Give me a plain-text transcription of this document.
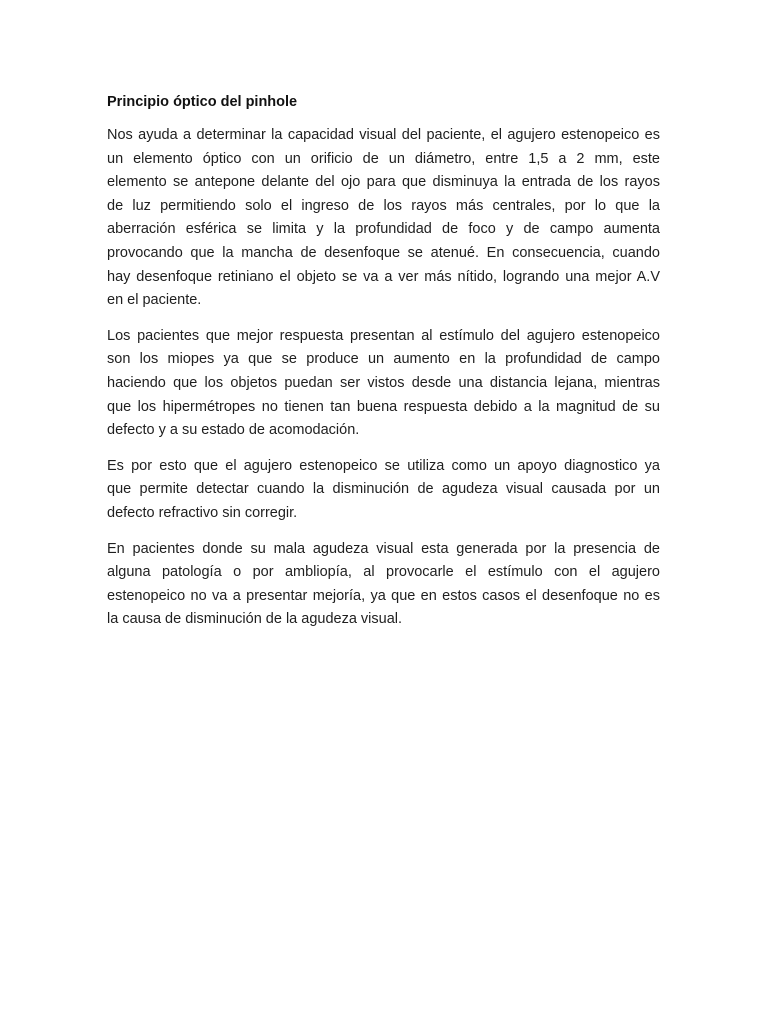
Principio óptico del pinhole
Nos ayuda a determinar la capacidad visual del paciente, el agujero estenopeico es
un elemento óptico con un orificio de un diámetro, entre 1,5 a 2 mm, este
elemento se antepone delante del ojo para que disminuya la entrada de los rayos
de luz permitiendo solo el ingreso de los rayos más centrales, por lo que la
aberración esférica se limita y la profundidad de foco y de campo aumenta
provocando que la mancha de desenfoque se atenué. En consecuencia, cuando
hay desenfoque retiniano el objeto se va a ver más nítido, logrando una mejor A.V
en el paciente.
Los pacientes que mejor respuesta presentan al estímulo del agujero estenopeico
son los miopes ya que se produce un aumento en la profundidad de campo
haciendo que los objetos puedan ser vistos desde una distancia lejana, mientras
que los hipermétropes no tienen tan buena respuesta debido a la magnitud de su
defecto y a su estado de acomodación.
Es por esto que el agujero estenopeico se utiliza como un apoyo diagnostico ya
que permite detectar cuando la disminución de agudeza visual causada por un
defecto refractivo sin corregir.
En pacientes donde su mala agudeza visual esta generada por la presencia de
alguna patología o por ambliopía, al provocarle el estímulo con el agujero
estenopeico no va a presentar mejoría, ya que en estos casos el desenfoque no es
la causa de disminución de la agudeza visual.
